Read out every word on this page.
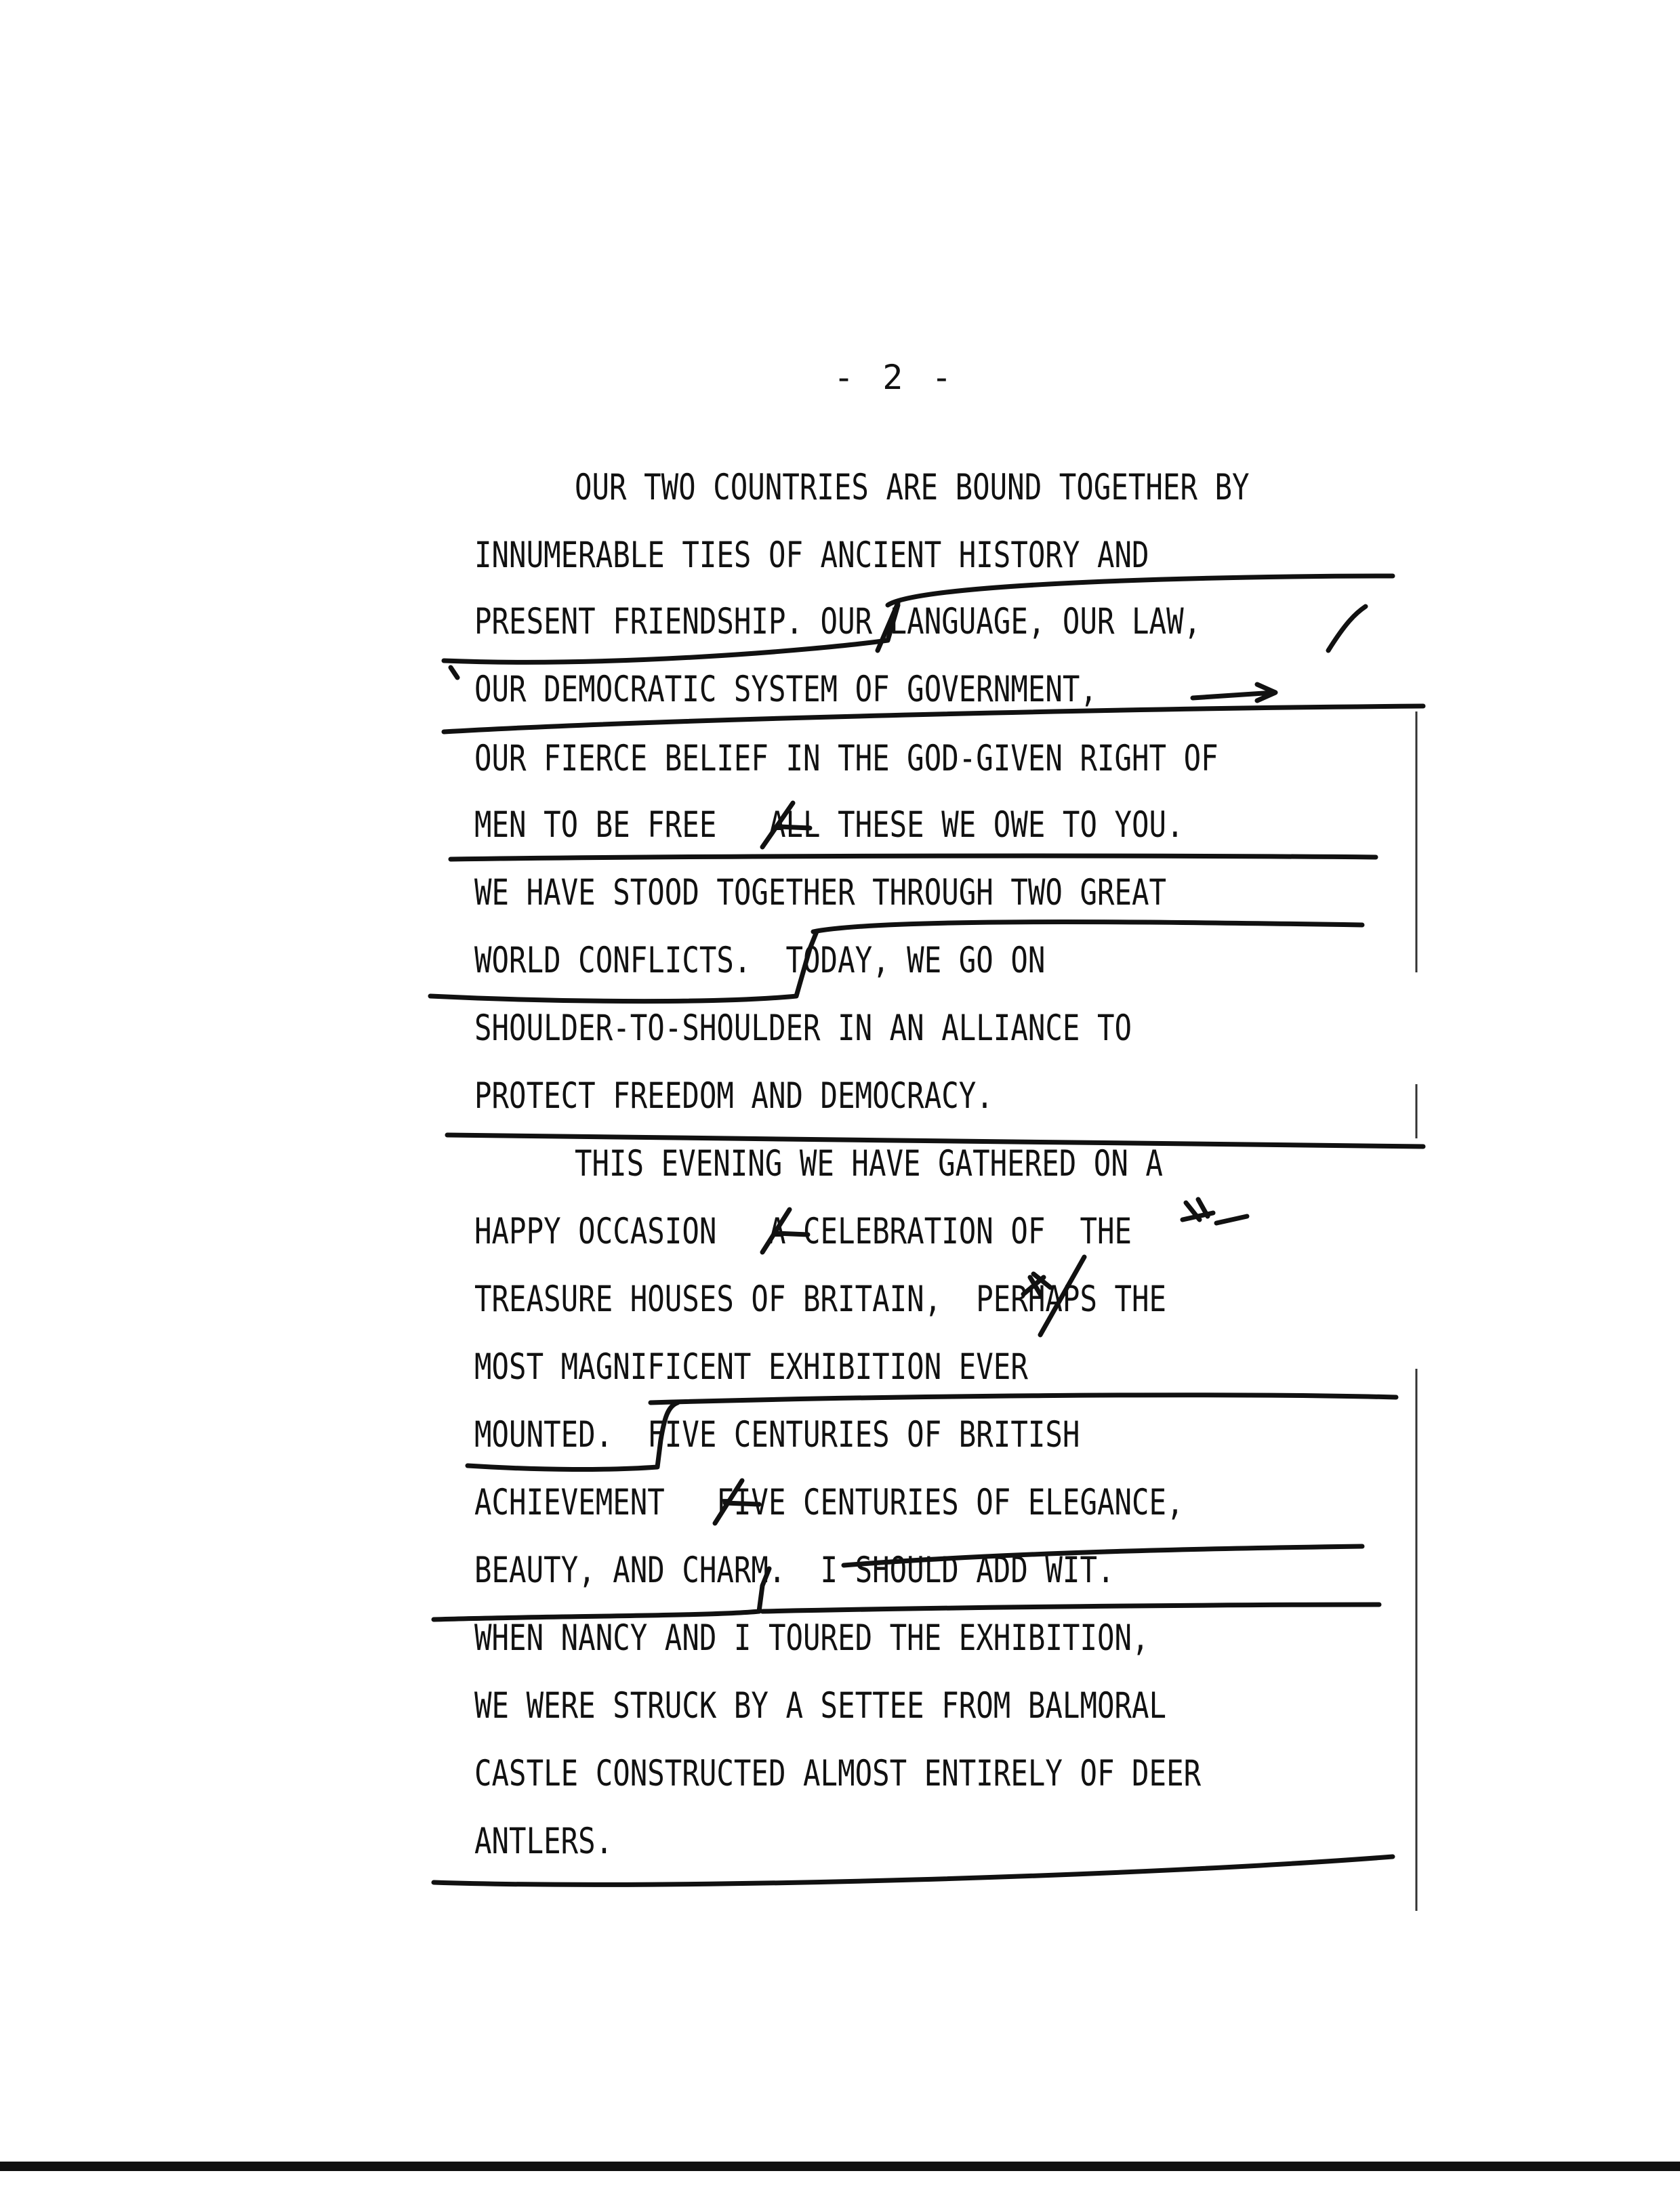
- 2 -
OUR TWO COUNTRIES ARE BOUND TOGETHER BY
INNUMERABLE TIES OF ANCIENT HISTORY AND
PRESENT FRIENDSHIP. OUR LANGUAGE, OUR LAW,
OUR DEMOCRATIC SYSTEM OF GOVERNMENT,
OUR FIERCE BELIEF IN THE GOD-GIVEN RIGHT OF
MEN TO BE FREE   ALL THESE WE OWE TO YOU.
WE HAVE STOOD TOGETHER THROUGH TWO GREAT
WORLD CONFLICTS.  TODAY, WE GO ON
SHOULDER-TO-SHOULDER IN AN ALLIANCE TO
PROTECT FREEDOM AND DEMOCRACY.
THIS EVENING WE HAVE GATHERED ON A
HAPPY OCCASION   A CELEBRATION OF  THE
TREASURE HOUSES OF BRITAIN,  PERHAPS THE
MOST MAGNIFICENT EXHIBITION EVER
MOUNTED.  FIVE CENTURIES OF BRITISH
ACHIEVEMENT   FIVE CENTURIES OF ELEGANCE,
BEAUTY, AND CHARM.  I SHOULD ADD WIT.
WHEN NANCY AND I TOURED THE EXHIBITION,
WE WERE STRUCK BY A SETTEE FROM BALMORAL
CASTLE CONSTRUCTED ALMOST ENTIRELY OF DEER
ANTLERS.
